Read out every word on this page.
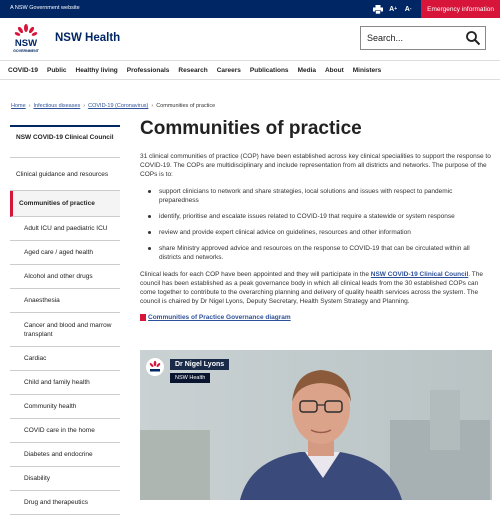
A NSW Government website	A +	A -	Emergency information
NSW
GOVERNMENT
NSW Health
Search...
COVID-19 Public Healthy living Professionals Research Careers Publications Media About Ministers
Home › Infectious diseases › COVID-19 (Coronavirus) › Communities of practice
NSW COVID-19 Clinical Council
Clinical guidance and resources
Communities of practice
Adult ICU and paediatric ICU
Aged care / aged health
Alcohol and other drugs
Anaesthesia
Cancer and blood and marrow transplant
Cardiac
Child and family health
Community health
COVID care in the home
Diabetes and endocrine
Disability
Drug and therapeutics
Communities of practice

31 clinical communities of practice (COP) have been established across key clinical specialities to support the response to COVID-19. The COPs are multidisciplinary and include representation from all districts and networks. The purpose of the COPs is to:

support clinicians to network and share strategies, local solutions and issues with respect to pandemic preparedness
identify, prioritise and escalate issues related to COVID-19 that require a statewide or system response
review and provide expert clinical advice on guidelines, resources and other information
share Ministry approved advice and resources on the response to COVID-19 that can be circulated within all districts and networks.

Clinical leads for each COP have been appointed and they will participate in the NSW COVID-19 Clinical Council. The council has been established as a peak governance body in which all clinical leads from the 30 established COPs can come together to contribute to the overarching planning and delivery of quality health services across the system. The council is chaired by Dr Nigel Lyons, Deputy Secretary, Health System Strategy and Planning.

Communities of Practice Governance diagram
Dr Nigel Lyons
NSW Health
